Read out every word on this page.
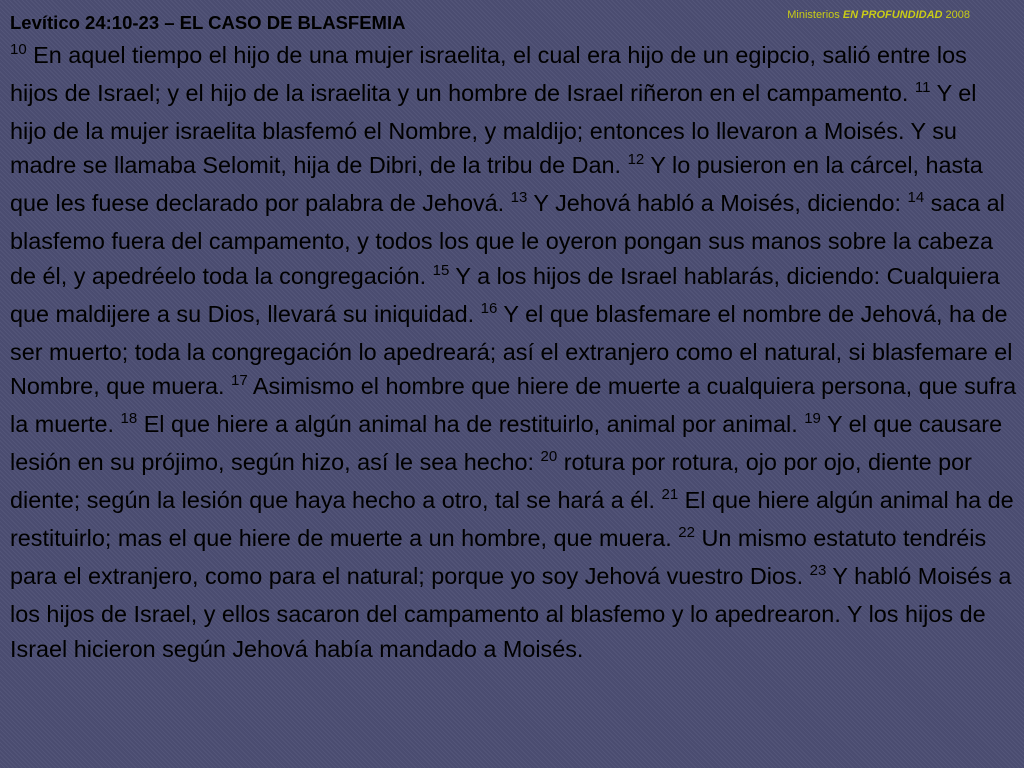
Ministerios EN PROFUNDIDAD 2008
Levítico 24:10-23 – EL CASO DE BLASFEMIA

$^{10}$ En aquel tiempo el hijo de una mujer israelita, el cual era hijo de un egipcio, salió entre los hijos de Israel; y el hijo de la israelita y un hombre de Israel riñeron en el campamento. $^{11}$ Y el hijo de la mujer israelita blasfemó el Nombre, y maldijo; entonces lo llevaron a Moisés. Y su madre se llamaba Selomit, hija de Dibri, de la tribu de Dan. $^{12}$ Y lo pusieron en la cárcel, hasta que les fuese declarado por palabra de Jehová. $^{13}$ Y Jehová habló a Moisés, diciendo: $^{14}$ saca al blasfemo fuera del campamento, y todos los que le oyeron pongan sus manos sobre la cabeza de él, y apedréelo toda la congregación. $^{15}$ Y a los hijos de Israel hablarás, diciendo: Cualquiera que maldijere a su Dios, llevará su iniquidad. $^{16}$ Y el que blasfemare el nombre de Jehová, ha de ser muerto; toda la congregación lo apedreará; así el extranjero como el natural, si blasfemare el Nombre, que muera. $^{17}$ Asimismo el hombre que hiere de muerte a cualquiera persona, que sufra la muerte. $^{18}$ El que hiere a algún animal ha de restituirlo, animal por animal. $^{19}$ Y el que causare lesión en su prójimo, según hizo, así le sea hecho: $^{20}$ rotura por rotura, ojo por ojo, diente por diente; según la lesión que haya hecho a otro, tal se hará a él. $^{21}$ El que hiere algún animal ha de restituirlo; mas el que hiere de muerte a un hombre, que muera. $^{22}$ Un mismo estatuto tendréis para el extranjero, como para el natural; porque yo soy Jehová vuestro Dios. $^{23}$ Y habló Moisés a los hijos de Israel, y ellos sacaron del campamento al blasfemo y lo apedrearon. Y los hijos de Israel hicieron según Jehová había mandado a Moisés.
